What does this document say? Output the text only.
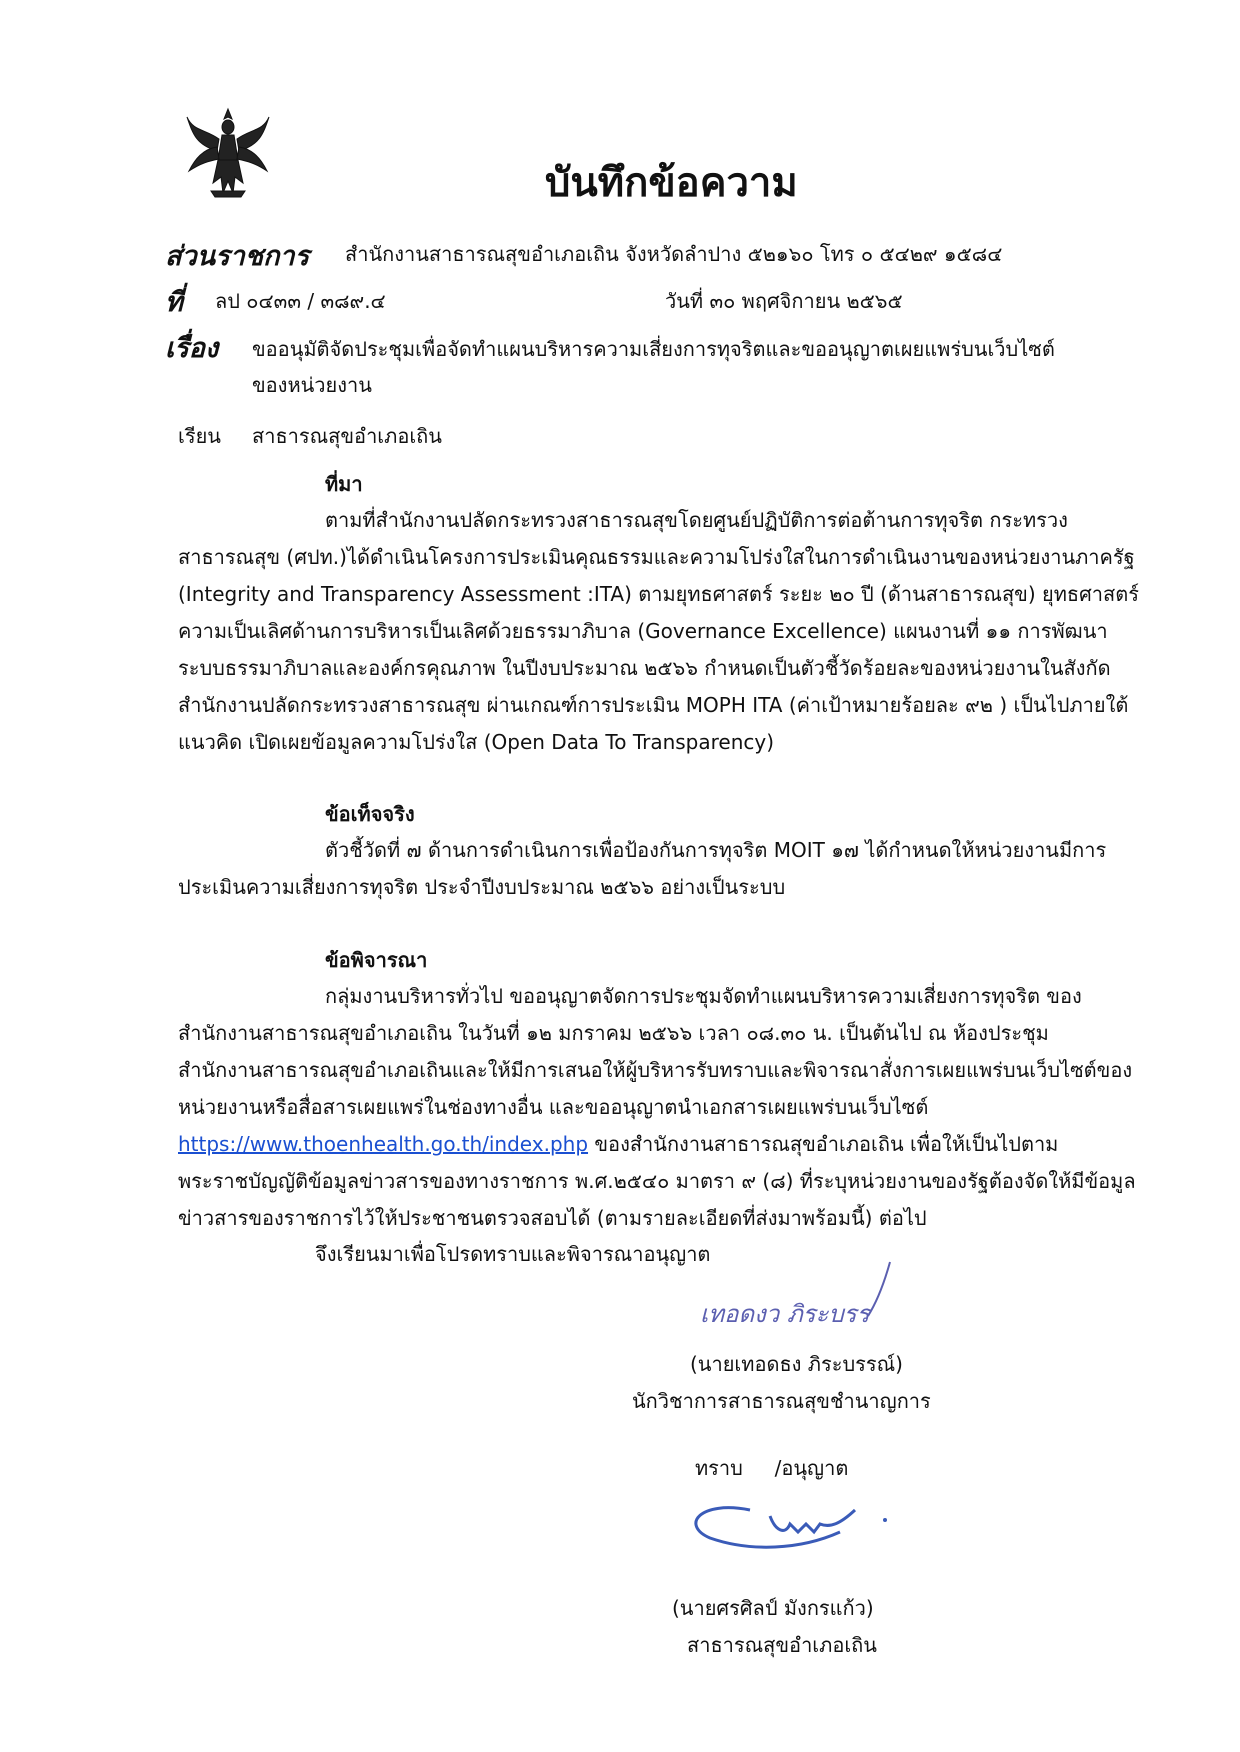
บันทึกข้อความ
ส่วนราชการ สำนักงานสาธารณสุขอำเภอเถิน จังหวัดลำปาง ๕๒๑๖๐ โทร ๐ ๕๔๒๙ ๑๕๘๔
ที่ ลป ๐๔๓๓ / ๓๘๙.๔	วันที่ ๓๐ พฤศจิกายน ๒๕๖๕
เรื่อง ขออนุมัติจัดประชุมเพื่อจัดทำแผนบริหารความเสี่ยงการทุจริตและขออนุญาตเผยแพร่บนเว็บไซต์
ของหน่วยงาน
เรียน สาธารณสุขอำเภอเถิน
ที่มา
ตามที่สำนักงานปลัดกระทรวงสาธารณสุขโดยศูนย์ปฏิบัติการต่อต้านการทุจริต กระทรวง
สาธารณสุข (ศปท.)ได้ดำเนินโครงการประเมินคุณธรรมและความโปร่งใสในการดำเนินงานของหน่วยงานภาครัฐ
(Integrity and Transparency Assessment :ITA) ตามยุทธศาสตร์ ระยะ ๒๐ ปี (ด้านสาธารณสุข) ยุทธศาสตร์
ความเป็นเลิศด้านการบริหารเป็นเลิศด้วยธรรมาภิบาล (Governance Excellence) แผนงานที่ ๑๑ การพัฒนา
ระบบธรรมาภิบาลและองค์กรคุณภาพ ในปีงบประมาณ ๒๕๖๖ กำหนดเป็นตัวชี้วัดร้อยละของหน่วยงานในสังกัด
สำนักงานปลัดกระทรวงสาธารณสุข ผ่านเกณฑ์การประเมิน MOPH ITA (ค่าเป้าหมายร้อยละ ๙๒ ) เป็นไปภายใต้
แนวคิด เปิดเผยข้อมูลความโปร่งใส (Open Data To Transparency)
ข้อเท็จจริง
ตัวชี้วัดที่ ๗ ด้านการดำเนินการเพื่อป้องกันการทุจริต MOIT ๑๗ ได้กำหนดให้หน่วยงานมีการ
ประเมินความเสี่ยงการทุจริต ประจำปีงบประมาณ ๒๕๖๖ อย่างเป็นระบบ
ข้อพิจารณา
กลุ่มงานบริหารทั่วไป ขออนุญาตจัดการประชุมจัดทำแผนบริหารความเสี่ยงการทุจริต ของ
สำนักงานสาธารณสุขอำเภอเถิน ในวันที่ ๑๒ มกราคม ๒๕๖๖ เวลา ๐๘.๓๐ น. เป็นต้นไป ณ ห้องประชุม
สำนักงานสาธารณสุขอำเภอเถินและให้มีการเสนอให้ผู้บริหารรับทราบและพิจารณาสั่งการเผยแพร่บนเว็บไซต์ของ
หน่วยงานหรือสื่อสารเผยแพร่ในช่องทางอื่น และขออนุญาตนำเอกสารเผยแพร่บนเว็บไซต์
https://www.thoenhealth.go.th/index.php ของสำนักงานสาธารณสุขอำเภอเถิน เพื่อให้เป็นไปตาม
พระราชบัญญัติข้อมูลข่าวสารของทางราชการ พ.ศ.๒๕๔๐ มาตรา ๙ (๘) ที่ระบุหน่วยงานของรัฐต้องจัดให้มีข้อมูล
ข่าวสารของราชการไว้ให้ประชาชนตรวจสอบได้ (ตามรายละเอียดที่ส่งมาพร้อมนี้) ต่อไป
จึงเรียนมาเพื่อโปรดทราบและพิจารณาอนุญาต
เทอดงว ภิระบรร
(นายเทอดธง ภิระบรรณ์)
นักวิชาการสาธารณสุขชำนาญการ
ทราบ     /อนุญาต
(นายศรศิลป์ มังกรแก้ว)
สาธารณสุขอำเภอเถิน
